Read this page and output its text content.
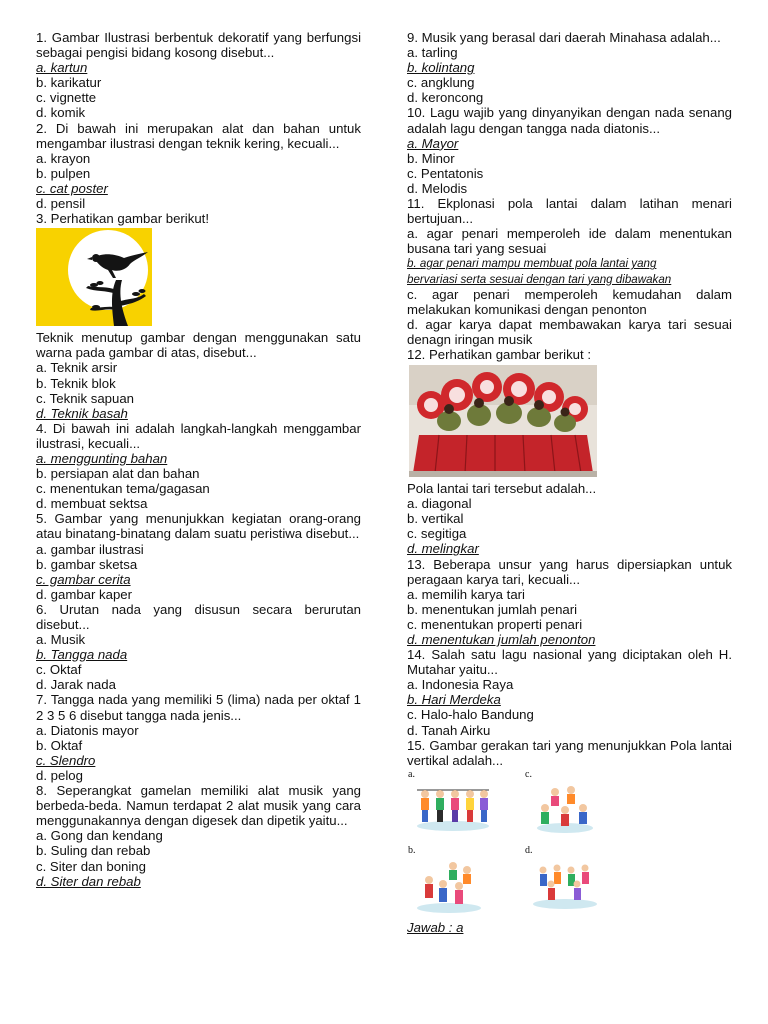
1. Gambar Ilustrasi berbentuk dekoratif yang berfungsi sebagai pengisi bidang kosong disebut...
a. kartun
b. karikatur
c. vignette
d. komik
2. Di bawah ini merupakan alat dan bahan untuk mengambar ilustrasi dengan teknik kering, kecuali...
a. krayon
b. pulpen
c. cat poster
d. pensil
3. Perhatikan gambar berikut!
Teknik menutup gambar dengan menggunakan satu warna pada gambar di atas, disebut...
a. Teknik arsir
b. Teknik blok
c. Teknik sapuan
d. Teknik basah
4. Di bawah ini adalah langkah-langkah menggambar ilustrasi, kecuali...
a. menggunting bahan
b. persiapan alat dan bahan
c. menentukan tema/gagasan
d. membuat sektsa
5. Gambar yang menunjukkan kegiatan orang-orang atau binatang-binatang dalam suatu peristiwa disebut...
a. gambar ilustrasi
b. gambar sketsa
c. gambar cerita
d. gambar kaper
6. Urutan nada yang disusun secara berurutan disebut...
a. Musik
b. Tangga nada
c. Oktaf
d. Jarak nada
7. Tangga nada yang memiliki 5 (lima) nada per oktaf 1 2 3 5 6 disebut tangga nada jenis...
a. Diatonis mayor
b. Oktaf
c. Slendro
d. pelog
8. Seperangkat gamelan memiliki alat musik yang berbeda-beda. Namun terdapat 2 alat musik yang cara menggunakannya dengan digesek dan dipetik yaitu...
a. Gong dan kendang
b. Suling dan rebab
c. Siter dan boning
d. Siter dan rebab
9. Musik yang berasal dari daerah Minahasa adalah...
a. tarling
b. kolintang
c. angklung
d. keroncong
10. Lagu wajib yang dinyanyikan dengan nada senang adalah lagu dengan tangga nada diatonis...
a. Mayor
b. Minor
c. Pentatonis
d. Melodis
11. Ekplonasi pola lantai dalam latihan menari bertujuan...
a. agar penari memperoleh ide dalam menentukan busana tari yang sesuai
b. agar penari mampu membuat pola lantai yang
bervariasi serta sesuai dengan tari yang dibawakan
c. agar penari memperoleh kemudahan dalam melakukan komunikasi dengan penonton
d. agar karya dapat membawakan karya tari sesuai denagn iringan musik
12. Perhatikan gambar berikut :
Pola lantai tari tersebut adalah...
a. diagonal
b. vertikal
c. segitiga
d. melingkar
13. Beberapa unsur yang harus dipersiapkan untuk peragaan karya tari, kecuali...
a. memilih karya tari
b. menentukan jumlah penari
c. menentukan properti penari
d. menentukan jumlah penonton
14. Salah satu lagu nasional yang diciptakan oleh H. Mutahar yaitu...
a. Indonesia Raya
b. Hari Merdeka
c. Halo-halo Bandung
d. Tanah Airku
15. Gambar gerakan tari yang menunjukkan Pola lantai vertikal adalah...
a.	c.
b.	d.
Jawab : a
